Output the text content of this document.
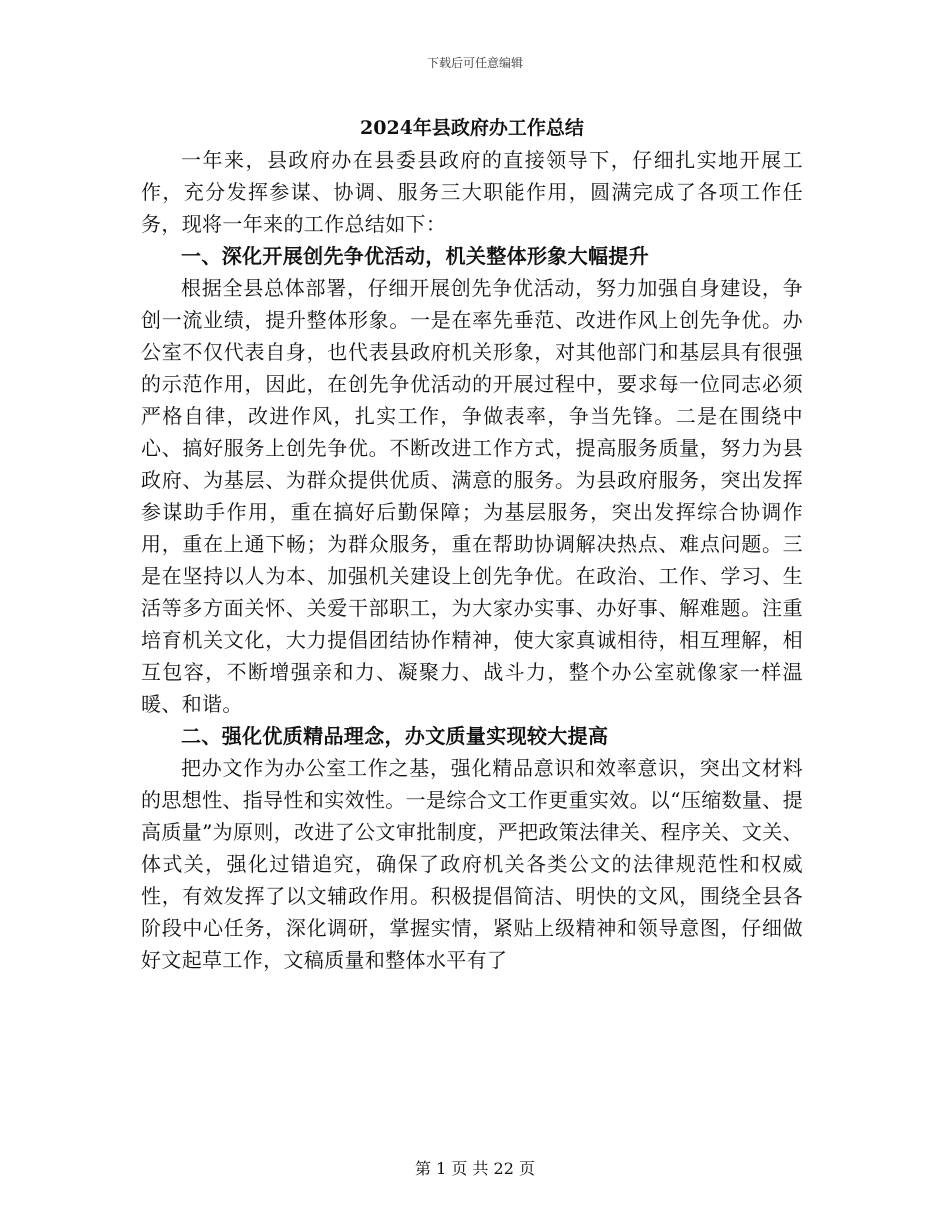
下载后可任意编辑
2024年县政府办工作总结

一年来，县政府办在县委县政府的直接领导下，仔细扎实地开展工作，充分发挥参谋、协调、服务三大职能作用，圆满完成了各项工作任务，现将一年来的工作总结如下：

一、深化开展创先争优活动，机关整体形象大幅提升

根据全县总体部署，仔细开展创先争优活动，努力加强自身建设，争创一流业绩，提升整体形象。一是在率先垂范、改进作风上创先争优。办公室不仅代表自身，也代表县政府机关形象，对其他部门和基层具有很强的示范作用，因此，在创先争优活动的开展过程中，要求每一位同志必须严格自律，改进作风，扎实工作，争做表率，争当先锋。二是在围绕中心、搞好服务上创先争优。不断改进工作方式，提高服务质量，努力为县政府、为基层、为群众提供优质、满意的服务。为县政府服务，突出发挥参谋助手作用，重在搞好后勤保障；为基层服务，突出发挥综合协调作用，重在上通下畅；为群众服务，重在帮助协调解决热点、难点问题。三是在坚持以人为本、加强机关建设上创先争优。在政治、工作、学习、生活等多方面关怀、关爱干部职工，为大家办实事、办好事、解难题。注重培育机关文化，大力提倡团结协作精神，使大家真诚相待，相互理解，相互包容，不断增强亲和力、凝聚力、战斗力，整个办公室就像家一样温暖、和谐。

二、强化优质精品理念，办文质量实现较大提高

把办文作为办公室工作之基，强化精品意识和效率意识，突出文材料的思想性、指导性和实效性。一是综合文工作更重实效。以“压缩数量、提高质量”为原则，改进了公文审批制度，严把政策法律关、程序关、文关、体式关，强化过错追究，确保了政府机关各类公文的法律规范性和权威性，有效发挥了以文辅政作用。积极提倡简洁、明快的文风，围绕全县各阶段中心任务，深化调研，掌握实情，紧贴上级精神和领导意图，仔细做好文起草工作，文稿质量和整体水平有了

第 1 页 共 22 页
